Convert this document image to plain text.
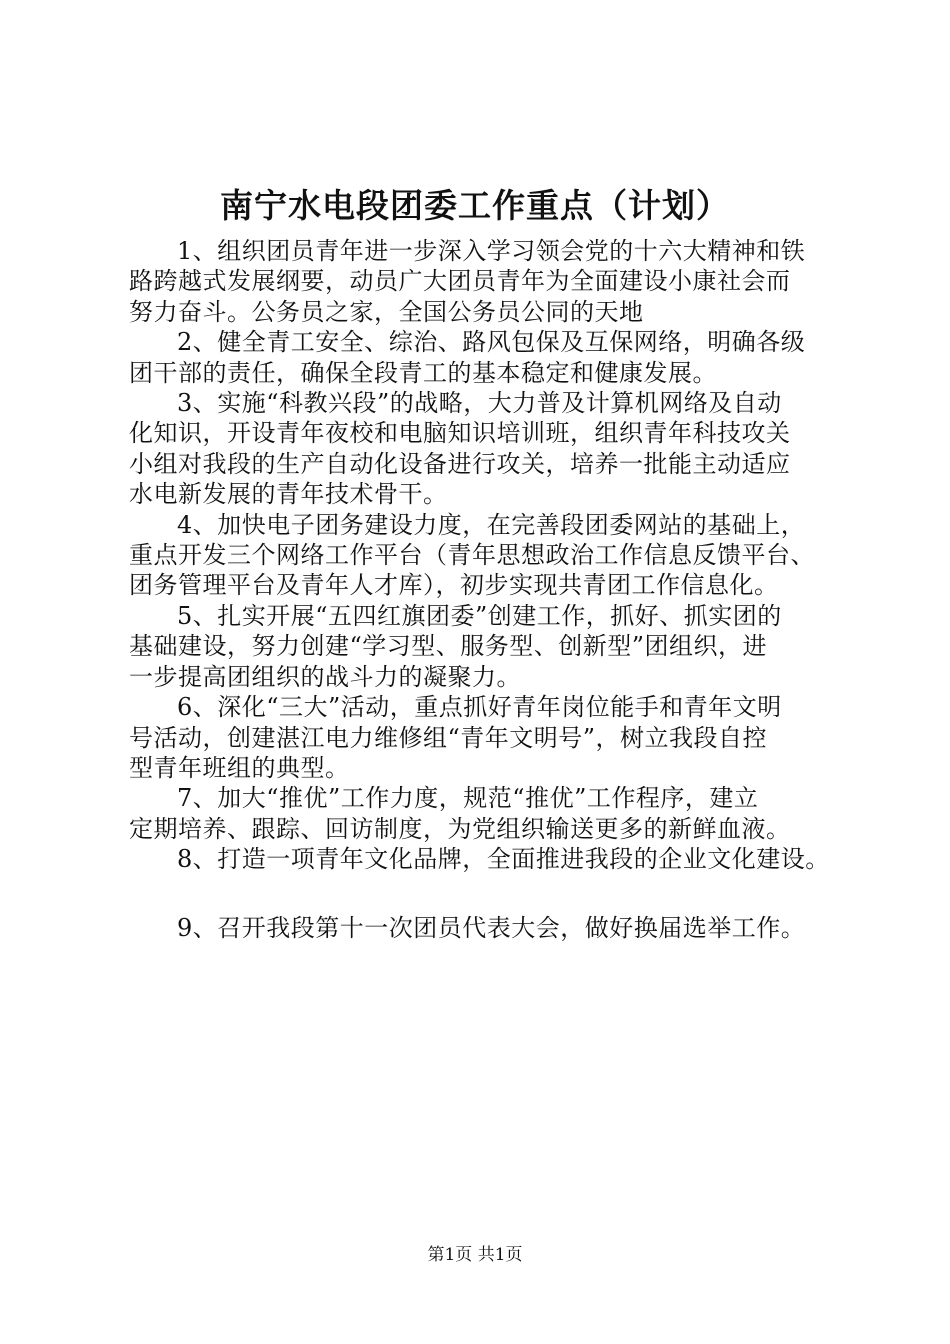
南宁水电段团委工作重点（计划）
1、组织团员青年进一步深入学习领会党的十六大精神和铁
路跨越式发展纲要，动员广大团员青年为全面建设小康社会而
努力奋斗。公务员之家，全国公务员公同的天地
2、健全青工安全、综治、路风包保及互保网络，明确各级
团干部的责任，确保全段青工的基本稳定和健康发展。
3、实施“科教兴段”的战略，大力普及计算机网络及自动
化知识，开设青年夜校和电脑知识培训班，组织青年科技攻关
小组对我段的生产自动化设备进行攻关，培养一批能主动适应
水电新发展的青年技术骨干。
4、加快电子团务建设力度，在完善段团委网站的基础上，
重点开发三个网络工作平台（青年思想政治工作信息反馈平台、
团务管理平台及青年人才库），初步实现共青团工作信息化。
5、扎实开展“五四红旗团委”创建工作，抓好、抓实团的
基础建设，努力创建“学习型、服务型、创新型”团组织，进
一步提高团组织的战斗力的凝聚力。
6、深化“三大”活动，重点抓好青年岗位能手和青年文明
号活动，创建湛江电力维修组“青年文明号”，树立我段自控
型青年班组的典型。
7、加大“推优”工作力度，规范“推优”工作程序，建立
定期培养、跟踪、回访制度，为党组织输送更多的新鲜血液。
8、打造一项青年文化品牌，全面推进我段的企业文化建设。
9、召开我段第十一次团员代表大会，做好换届选举工作。
第1页 共1页
